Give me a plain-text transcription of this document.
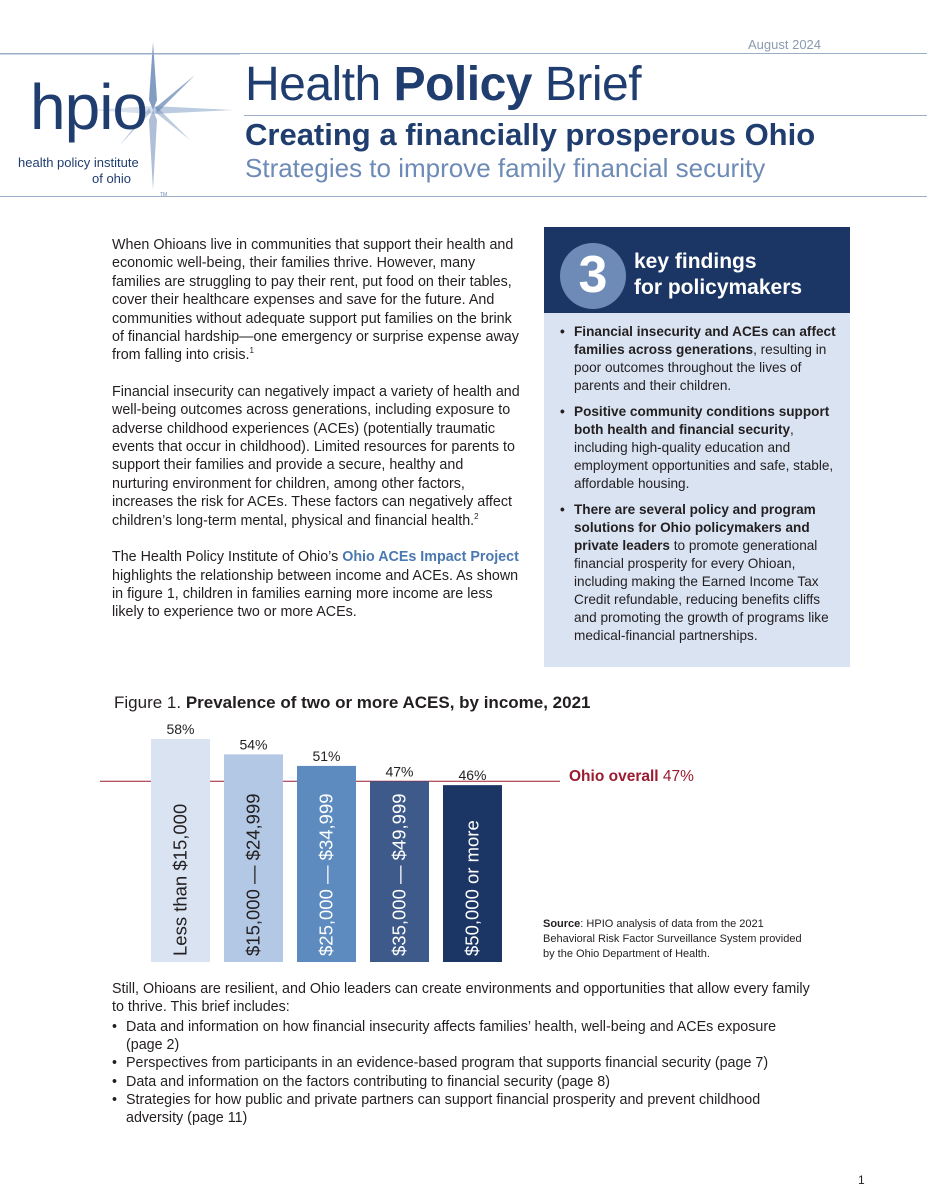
August 2024
Health Policy Brief
Creating a financially prosperous Ohio
Strategies to improve family financial security
hpio
health policy institute
of ohio
TM

When Ohioans live in communities that support their health and economic well-being, their families thrive. However, many families are struggling to pay their rent, put food on their tables, cover their healthcare expenses and save for the future. And communities without adequate support put families on the brink of financial hardship—one emergency or surprise expense away from falling into crisis.$^1$

Financial insecurity can negatively impact a variety of health and well-being outcomes across generations, including exposure to adverse childhood experiences (ACEs) (potentially traumatic events that occur in childhood). Limited resources for parents to support their families and provide a secure, healthy and nurturing environment for children, among other factors, increases the risk for ACEs. These factors can negatively affect children’s long-term mental, physical and financial health.$^2$

The Health Policy Institute of Ohio’s Ohio ACEs Impact Project highlights the relationship between income and ACEs. As shown in figure 1, children in families earning more income are less likely to experience two or more ACEs.

3	key findings
for policymakers
• Financial insecurity and ACEs can affect families across generations, resulting in poor outcomes throughout the lives of parents and their children.
• Positive community conditions support both health and financial security, including high-quality education and employment opportunities and safe, stable, affordable housing.
• There are several policy and program solutions for Ohio policymakers and private leaders to promote generational financial prosperity for every Ohioan, including making the Earned Income Tax Credit refundable, reducing benefits cliffs and promoting the growth of programs like medical-financial partnerships.
Figure 1. Prevalence of two or more ACES, by income, 2021
58%
Less than $15,000
54%
$15,000 — $24,999
51%
$25,000 — $34,999
47%
$35,000 — $49,999
46%
$50,000 or more
Ohio overall 47%
Source: HPIO analysis of data from the 2021 Behavioral Risk Factor Surveillance System provided by the Ohio Department of Health.
Still, Ohioans are resilient, and Ohio leaders can create environments and opportunities that allow every family to thrive. This brief includes:
• Data and information on how financial insecurity affects families’ health, well-being and ACEs exposure (page 2)
• Perspectives from participants in an evidence-based program that supports financial security (page 7)
• Data and information on the factors contributing to financial security (page 8)
• Strategies for how public and private partners can support financial prosperity and prevent childhood adversity (page 11)
1
